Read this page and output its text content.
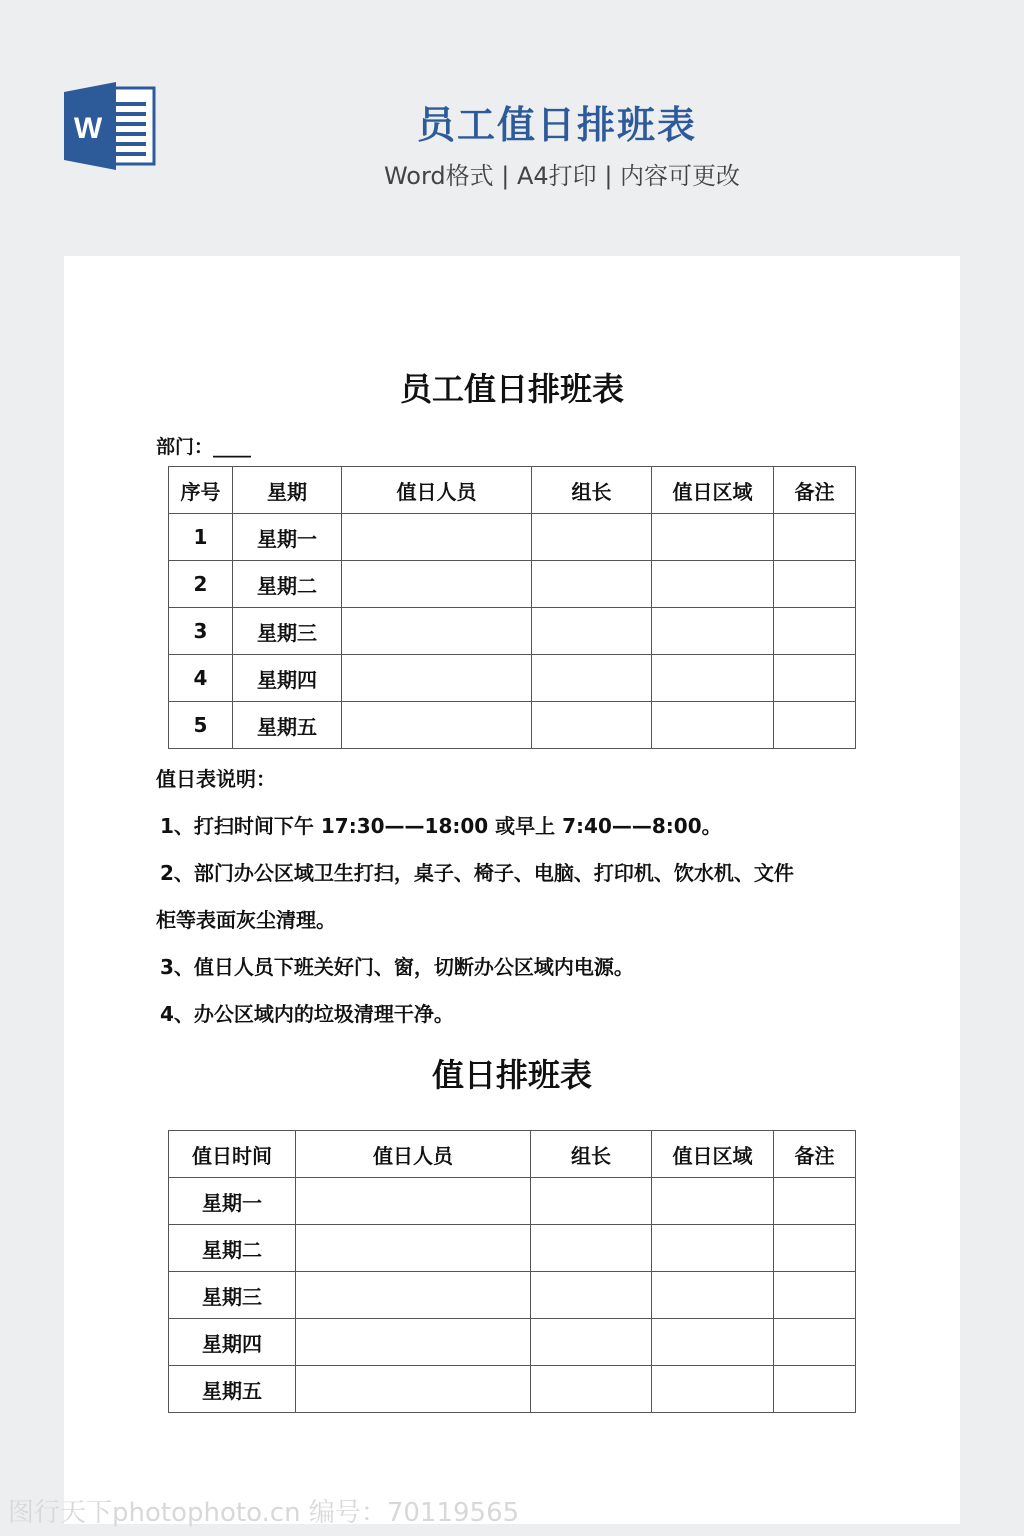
W	员工值日排班表
Word格式 | A4打印 | 内容可更改
员工值日排班表
部门：____
序号	星期	值日人员	组长	值日区域	备注
1	星期一				
2	星期二				
3	星期三				
4	星期四				
5	星期五				
值日表说明：
1、打扫时间下午 17:30——18:00 或早上 7:40——8:00。
2、部门办公区域卫生打扫，桌子、椅子、电脑、打印机、饮水机、文件
柜等表面灰尘清理。
3、值日人员下班关好门、窗，切断办公区域内电源。
4、办公区域内的垃圾清理干净。
值日排班表
值日时间	值日人员	组长	值日区域	备注
星期一				
星期二				
星期三				
星期四				
星期五				
图行天下photophoto.cn 编号：70119565
